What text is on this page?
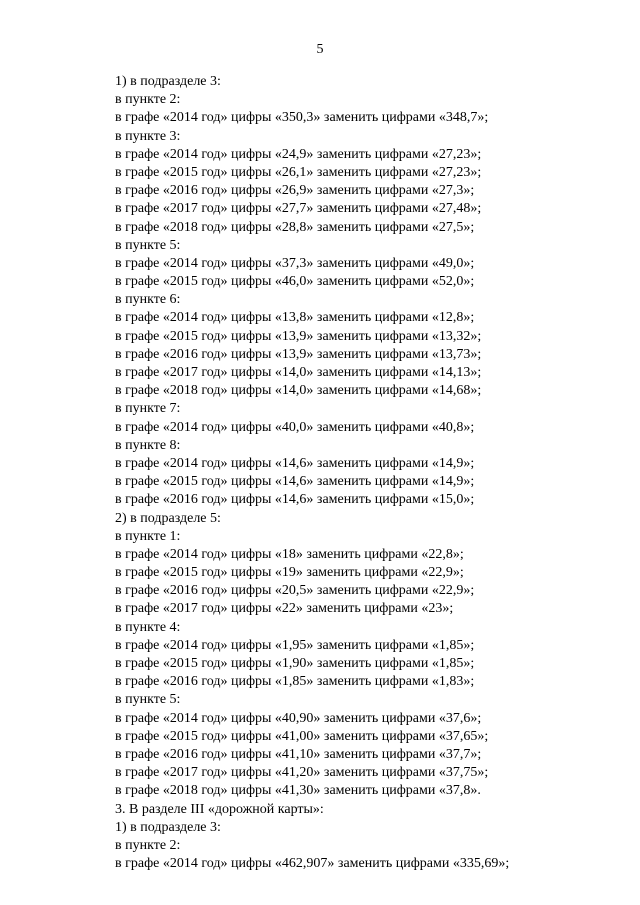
5
1) в подразделе 3:
в пункте 2:
в графе «2014 год» цифры «350,3» заменить цифрами «348,7»;
в пункте 3:
в графе «2014 год» цифры «24,9» заменить цифрами «27,23»;
в графе «2015 год» цифры «26,1» заменить цифрами «27,23»;
в графе «2016 год» цифры «26,9» заменить цифрами «27,3»;
в графе «2017 год» цифры «27,7» заменить цифрами «27,48»;
в графе «2018 год» цифры «28,8» заменить цифрами «27,5»;
в пункте 5:
в графе «2014 год» цифры «37,3» заменить цифрами «49,0»;
в графе «2015 год» цифры «46,0» заменить цифрами «52,0»;
в пункте 6:
в графе «2014 год» цифры «13,8» заменить цифрами «12,8»;
в графе «2015 год» цифры «13,9» заменить цифрами «13,32»;
в графе «2016 год» цифры «13,9» заменить цифрами «13,73»;
в графе «2017 год» цифры «14,0» заменить цифрами «14,13»;
в графе «2018 год» цифры «14,0» заменить цифрами «14,68»;
в пункте 7:
в графе «2014 год» цифры «40,0» заменить цифрами «40,8»;
в пункте 8:
в графе «2014 год» цифры «14,6» заменить цифрами «14,9»;
в графе «2015 год» цифры «14,6» заменить цифрами «14,9»;
в графе «2016 год» цифры «14,6» заменить цифрами «15,0»;
2) в подразделе 5:
в пункте 1:
в графе «2014 год» цифры «18» заменить цифрами «22,8»;
в графе «2015 год» цифры «19» заменить цифрами «22,9»;
в графе «2016 год» цифры «20,5» заменить цифрами «22,9»;
в графе «2017 год» цифры «22» заменить цифрами «23»;
в пункте 4:
в графе «2014 год» цифры «1,95» заменить цифрами «1,85»;
в графе «2015 год» цифры «1,90» заменить цифрами «1,85»;
в графе «2016 год» цифры «1,85» заменить цифрами «1,83»;
в пункте 5:
в графе «2014 год» цифры «40,90» заменить цифрами «37,6»;
в графе «2015 год» цифры «41,00» заменить цифрами «37,65»;
в графе «2016 год» цифры «41,10» заменить цифрами «37,7»;
в графе «2017 год» цифры «41,20» заменить цифрами «37,75»;
в графе «2018 год» цифры «41,30» заменить цифрами «37,8».
3. В разделе III «дорожной карты»:
1) в подразделе 3:
в пункте 2:
в графе «2014 год» цифры «462,907» заменить цифрами «335,69»;
